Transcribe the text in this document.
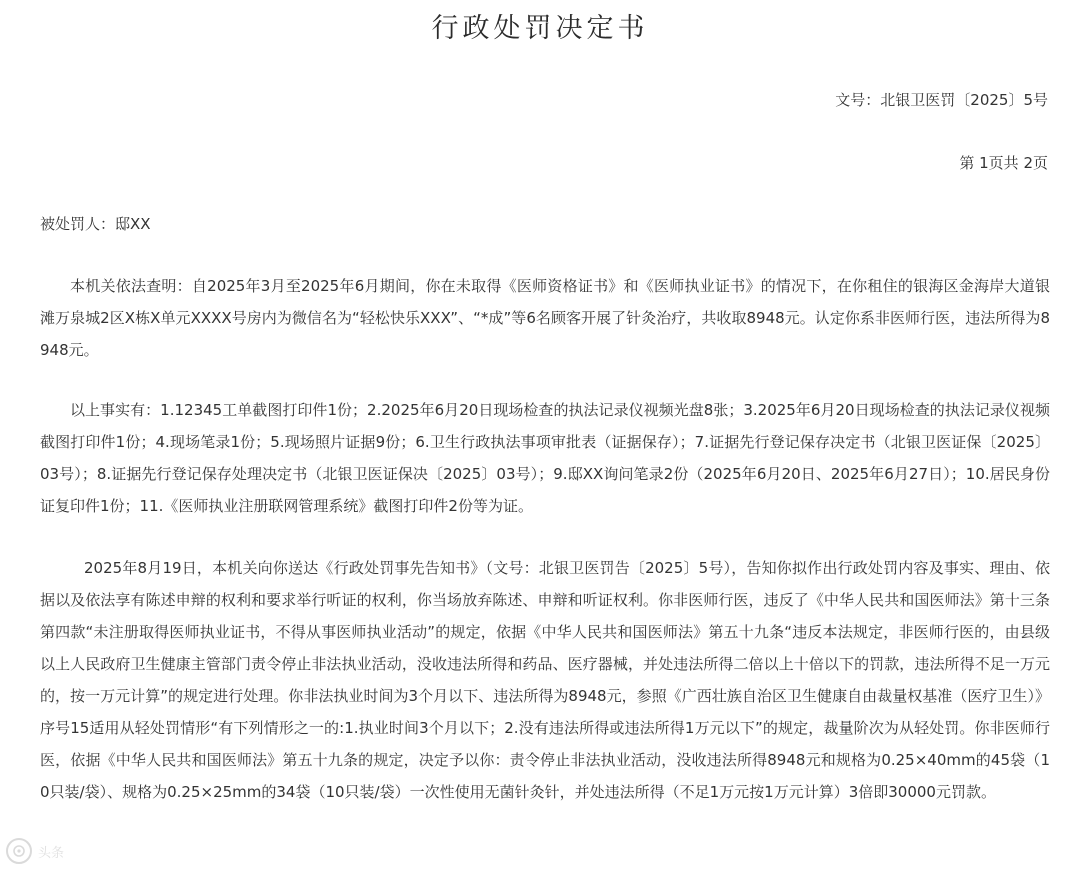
行政处罚决定书
文号：北银卫医罚〔2025〕5号
第 1页共 2页

被处罚人：邸XX

本机关依法查明：自2025年3月至2025年6月期间，你在未取得《医师资格证书》和《医师执业证书》的情况下，在你租住的银海区金海岸大道银滩万泉城2区X栋X单元XXXX号房内为微信名为“轻松快乐XXX”、“*成”等6名顾客开展了针灸治疗，共收取8948元。认定你系非医师行医，违法所得为8948元。

以上事实有：1.12345工单截图打印件1份；2.2025年6月20日现场检查的执法记录仪视频光盘8张；3.2025年6月20日现场检查的执法记录仪视频截图打印件1份；4.现场笔录1份；5.现场照片证据9份；6.卫生行政执法事项审批表（证据保存）；7.证据先行登记保存决定书（北银卫医证保〔2025〕03号）；8.证据先行登记保存处理决定书（北银卫医证保决〔2025〕03号）；9.邸XX询问笔录2份（2025年6月20日、2025年6月27日）；10.居民身份证复印件1份；11.《医师执业注册联网管理系统》截图打印件2份等为证。

2025年8月19日，本机关向你送达《行政处罚事先告知书》（文号：北银卫医罚告〔2025〕5号），告知你拟作出行政处罚内容及事实、理由、依据以及依法享有陈述申辩的权利和要求举行听证的权利，你当场放弃陈述、申辩和听证权利。你非医师行医，违反了《中华人民共和国医师法》第十三条 第四款“未注册取得医师执业证书，不得从事医师执业活动”的规定，依据《中华人民共和国医师法》第五十九条“违反本法规定，非医师行医的，由县级以上人民政府卫生健康主管部门责令停止非法执业活动，没收违法所得和药品、医疗器械，并处违法所得二倍以上十倍以下的罚款，违法所得不足一万元的，按一万元计算”的规定进行处理。你非法执业时间为3个月以下、违法所得为8948元，参照《广西壮族自治区卫生健康自由裁量权基准（医疗卫生）》序号15适用从轻处罚情形“有下列情形之一的:1.执业时间3个月以下；2.没有违法所得或违法所得1万元以下”的规定，裁量阶次为从轻处罚。你非医师行医，依据《中华人民共和国医师法》第五十九条的规定，决定予以你：责令停止非法执业活动，没收违法所得8948元和规格为0.25×40mm的45袋（10只装/袋）、规格为0.25×25mm的34袋（10只装/袋）一次性使用无菌针灸针，并处违法所得（不足1万元按1万元计算）3倍即30000元罚款。

头条
